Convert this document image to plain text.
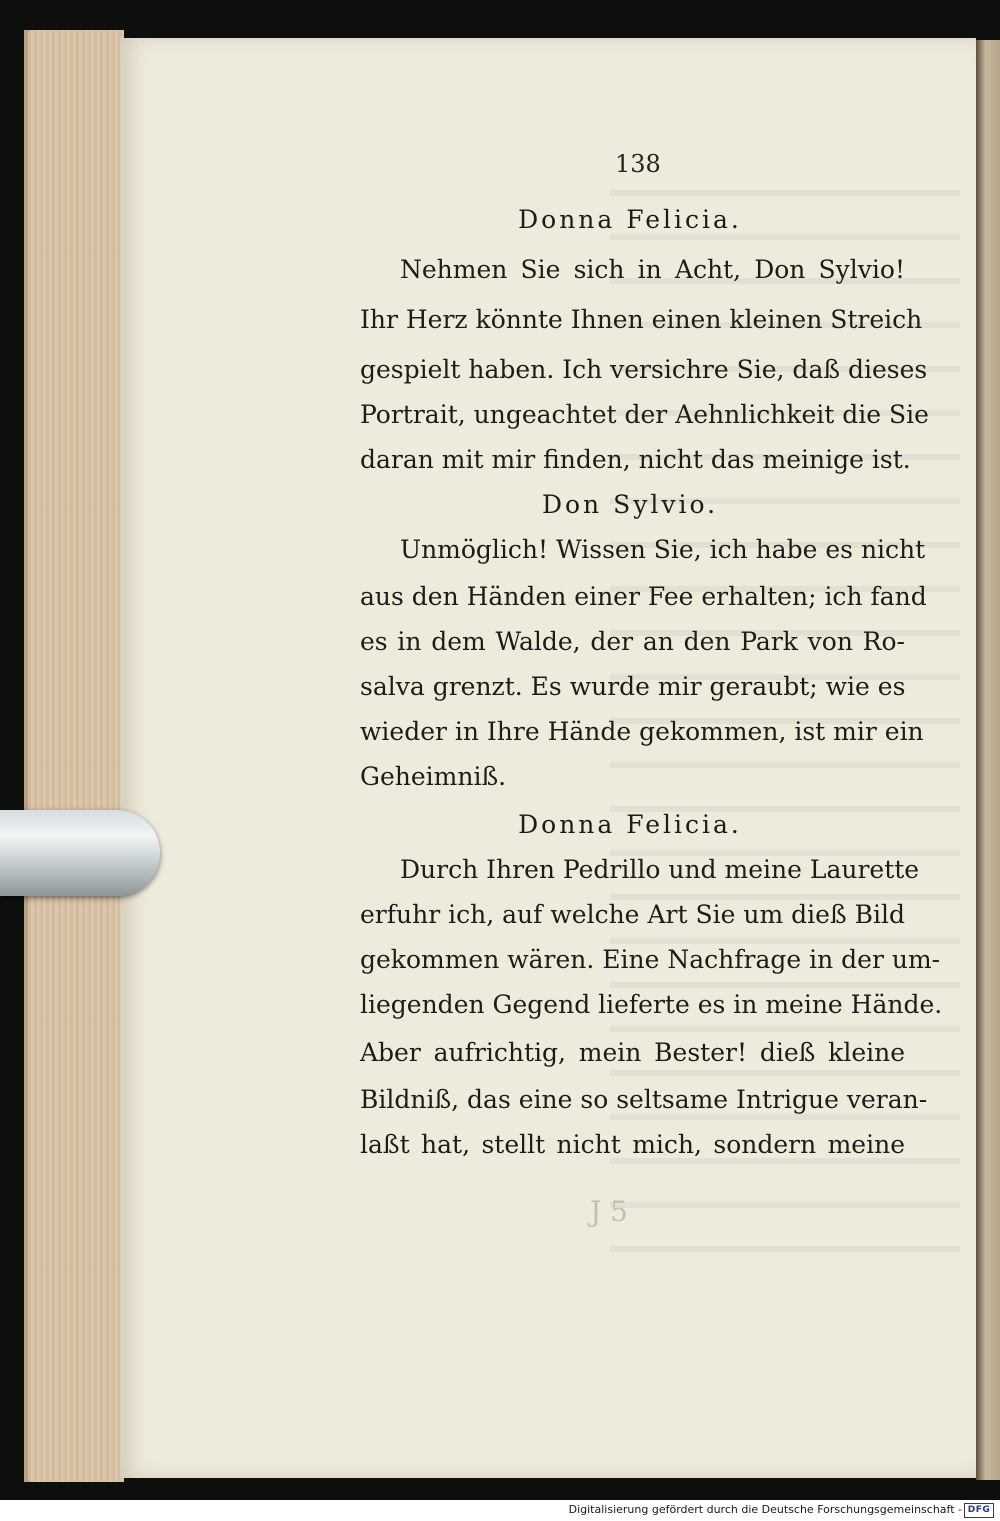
138
Donna Felicia.
Nehmen Sie sich in Acht, Don Sylvio!
Ihr Herz könnte Ihnen einen kleinen Streich
gespielt haben. Ich versichre Sie, daß dieses
Portrait, ungeachtet der Aehnlichkeit die Sie
daran mit mir finden, nicht das meinige ist.
Don Sylvio.
Unmöglich! Wissen Sie, ich habe es nicht
aus den Händen einer Fee erhalten; ich fand
es in dem Walde, der an den Park von Ro-
salva grenzt. Es wurde mir geraubt; wie es
wieder in Ihre Hände gekommen, ist mir ein
Geheimniß.
Donna Felicia.
Durch Ihren Pedrillo und meine Laurette
erfuhr ich, auf welche Art Sie um dieß Bild
gekommen wären. Eine Nachfrage in der um-
liegenden Gegend lieferte es in meine Hände.
Aber aufrichtig, mein Bester! dieß kleine
Bildniß, das eine so seltsame Intrigue veran-
laßt hat, stellt nicht mich, sondern meine
J 5
Digitalisierung gefördert durch die Deutsche Forschungsgemeinschaft - DFG
